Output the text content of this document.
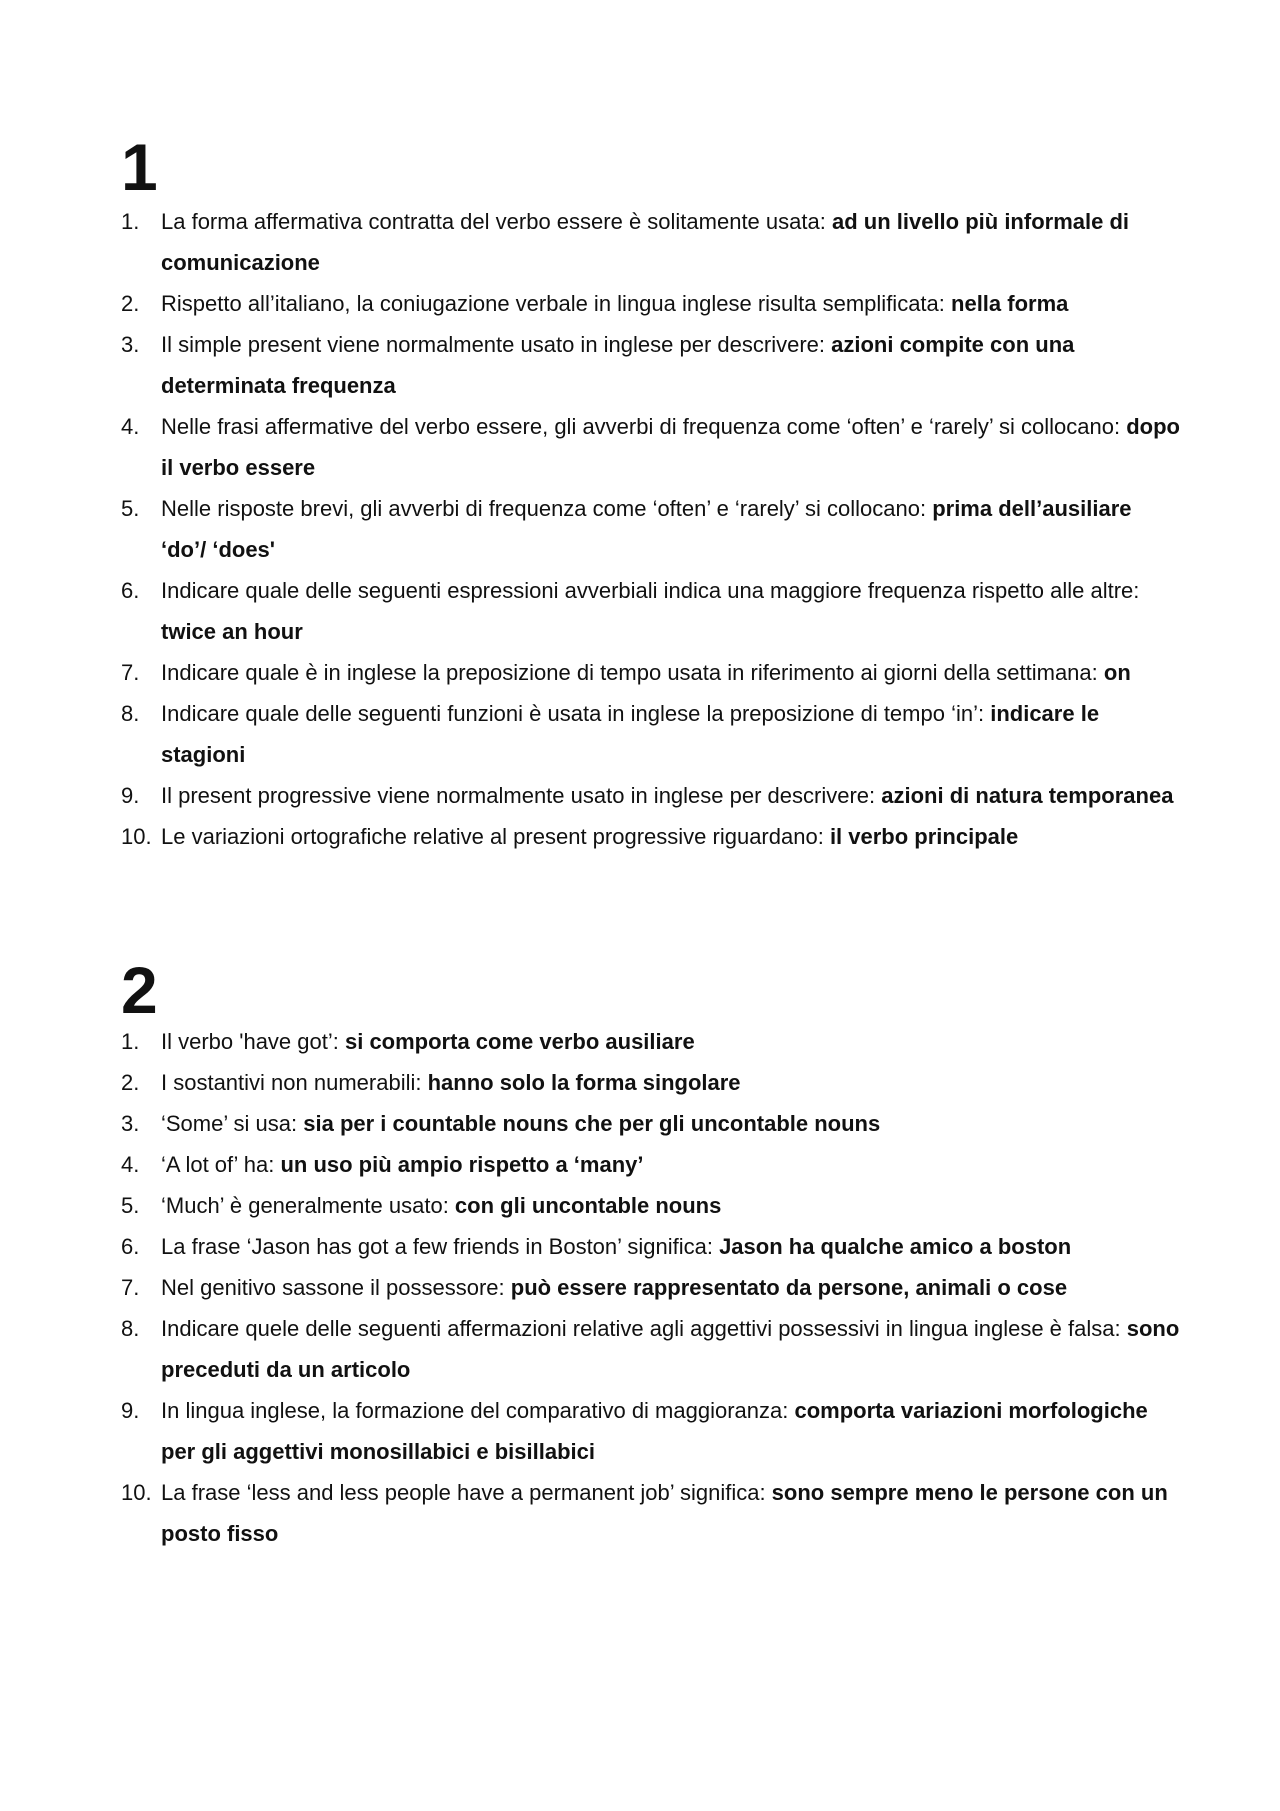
1
1. La forma affermativa contratta del verbo essere è solitamente usata: ad un livello più informale di comunicazione
2. Rispetto all’italiano, la coniugazione verbale in lingua inglese risulta semplificata: nella forma
3. Il simple present viene normalmente usato in inglese per descrivere: azioni compite con una determinata frequenza
4. Nelle frasi affermative del verbo essere, gli avverbi di frequenza come ‘often’ e ‘rarely’ si collocano: dopo il verbo essere
5. Nelle risposte brevi, gli avverbi di frequenza come ‘often’ e ‘rarely’ si collocano: prima dell’ausiliare ‘do’/ ‘does'
6. Indicare quale delle seguenti espressioni avverbiali indica una maggiore frequenza rispetto alle altre: twice an hour
7. Indicare quale è in inglese la preposizione di tempo usata in riferimento ai giorni della settimana: on
8. Indicare quale delle seguenti funzioni è usata in inglese la preposizione di tempo ‘in’: indicare le stagioni
9. Il present progressive viene normalmente usato in inglese per descrivere: azioni di natura temporanea
10. Le variazioni ortografiche relative al present progressive riguardano: il verbo principale
2
1. Il verbo 'have got’: si comporta come verbo ausiliare
2. I sostantivi non numerabili: hanno solo la forma singolare
3. ‘Some’ si usa: sia per i countable nouns che per gli uncontable nouns
4. ‘A lot of’ ha: un uso più ampio rispetto a ‘many’
5. ‘Much’ è generalmente usato: con gli uncontable nouns
6. La frase ‘Jason has got a few friends in Boston’ significa: Jason ha qualche amico a boston
7. Nel genitivo sassone il possessore: può essere rappresentato da persone, animali o cose
8. Indicare quele delle seguenti affermazioni relative agli aggettivi possessivi in lingua inglese è falsa: sono preceduti da un articolo
9. In lingua inglese, la formazione del comparativo di maggioranza: comporta variazioni morfologiche per gli aggettivi monosillabici e bisillabici
10. La frase ‘less and less people have a permanent job’ significa: sono sempre meno le persone con un posto fisso
